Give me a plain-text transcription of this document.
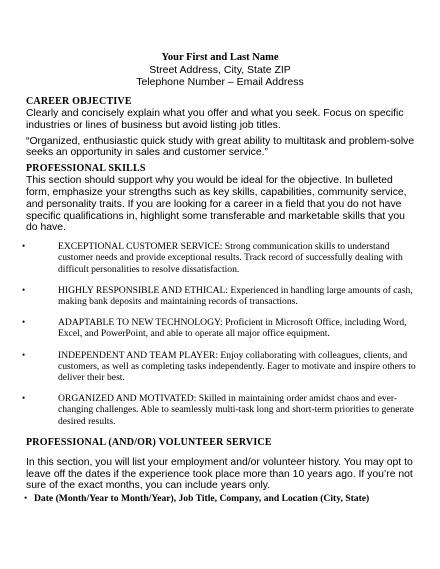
Your First and Last Name
Street Address, City, State ZIP
Telephone Number – Email Address

CAREER OBJECTIVE

Clearly and concisely explain what you offer and what you seek. Focus on specific industries or lines of business but avoid listing job titles.

“Organized, enthusiastic quick study with great ability to multitask and problem-solve seeks an opportunity in sales and customer service.”

PROFESSIONAL SKILLS

This section should support why you would be ideal for the objective. In bulleted form, emphasize your strengths such as key skills, capabilities, community service, and personality traits. If you are looking for a career in a field that you do not have specific qualifications in, highlight some transferable and marketable skills that you do have.

•	EXCEPTIONAL CUSTOMER SERVICE: Strong communication skills to understand customer needs and provide exceptional results. Track record of successfully dealing with difficult personalities to resolve dissatisfaction.
•	HIGHLY RESPONSIBLE AND ETHICAL: Experienced in handling large amounts of cash, making bank deposits and maintaining records of transactions.
•	ADAPTABLE TO NEW TECHNOLOGY: Proficient in Microsoft Office, including Word, Excel, and PowerPoint, and able to operate all major office equipment.
•	INDEPENDENT AND TEAM PLAYER: Enjoy collaborating with colleagues, clients, and customers, as well as completing tasks independently. Eager to motivate and inspire others to deliver their best.
•	ORGANIZED AND MOTIVATED: Skilled in maintaining order amidst chaos and ever-changing challenges. Able to seamlessly multi-task long and short-term priorities to generate desired results.

PROFESSIONAL (AND/OR) VOLUNTEER SERVICE

In this section, you will list your employment and/or volunteer history. You may opt to leave off the dates if the experience took place more than 10 years ago. If you’re not sure of the exact months, you can include years only.

• Date (Month/Year to Month/Year), Job Title, Company, and Location (City, State)
